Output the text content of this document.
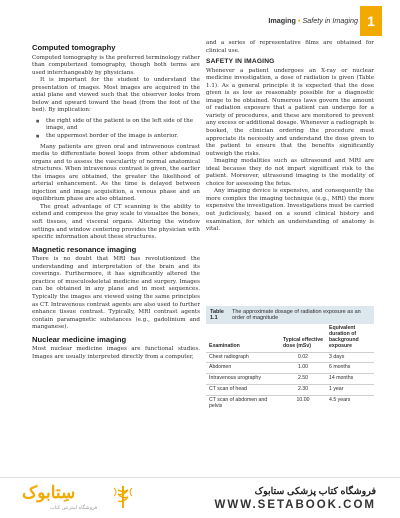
Imaging • Safety in Imaging 1
Computed tomography

Computed tomography is the preferred terminology rather than computerized tomography, though both terms are used interchangeably by physicians.

It is important for the student to understand the presentation of images. Most images are acquired in the axial plane and viewed such that the observer looks from below and upward toward the head (from the foot of the bed). By implication:

■ the right side of the patient is on the left side of the image, and
■ the uppermost border of the image is anterior.

Many patients are given oral and intravenous contrast media to differentiate bowel loops from other abdominal organs and to assess the vascularity of normal anatomical structures. When intravenous contrast is given, the earlier the images are obtained, the greater the likelihood of arterial enhancement. As the time is delayed between injection and image acquisition, a venous phase and an equilibrium phase are also obtained.

The great advantage of CT scanning is the ability to extend and compress the gray scale to visualize the bones, soft tissues, and visceral organs. Altering the window settings and window centering provides the physician with specific information about these structures.

Magnetic resonance imaging

There is no doubt that MRI has revolutionized the understanding and interpretation of the brain and its coverings. Furthermore, it has significantly altered the practice of musculoskeletal medicine and surgery. Images can be obtained in any plane and in most sequences. Typically the images are viewed using the same principles as CT. Intravenous contrast agents are also used to further enhance tissue contrast. Typically, MRI contrast agents contain paramagnetic substances (e.g., gadolinium and manganese).

Nuclear medicine imaging

Most nuclear medicine images are functional studies. Images are usually interpreted directly from a computer,

and a series of representative films are obtained for clinical use.

SAFETY IN IMAGING

Whenever a patient undergoes an X-ray or nuclear medicine investigation, a dose of radiation is given (Table 1.1). As a general principle it is expected that the dose given is as low as reasonably possible for a diagnostic image to be obtained. Numerous laws govern the amount of radiation exposure that a patient can undergo for a variety of procedures, and these are monitored to prevent any excess or additional dosage. Whenever a radiograph is booked, the clinician ordering the procedure must appreciate its necessity and understand the dose given to the patient to ensure that the benefits significantly outweigh the risks.

Imaging modalities such as ultrasound and MRI are ideal because they do not impart significant risk to the patient. Moreover, ultrasound imaging is the modality of choice for assessing the fetus.

Any imaging device is expensive, and consequently the more complex the imaging technique (e.g., MRI) the more expensive the investigation. Investigations must be carried out judiciously, based on a sound clinical history and examination, for which an understanding of anatomy is vital.

Table 1.1
The approximate dosage of radiation exposure as an order of magnitude
Examination	Typical effective dose (mSv)	Equivalent duration of background exposure
Chest radiograph	0.02	3 days
Abdomen	1.00	6 months
Intravenous urography	2.50	14 months
CT scan of head	2.30	1 year
CT scan of abdomen and pelvis	10.00	4.5 years
سِتابوک
فروشگاه اینترنتی کتاب
فروشگاه کتاب پزشکی ستابوک
WWW.SETABOOK.COM
